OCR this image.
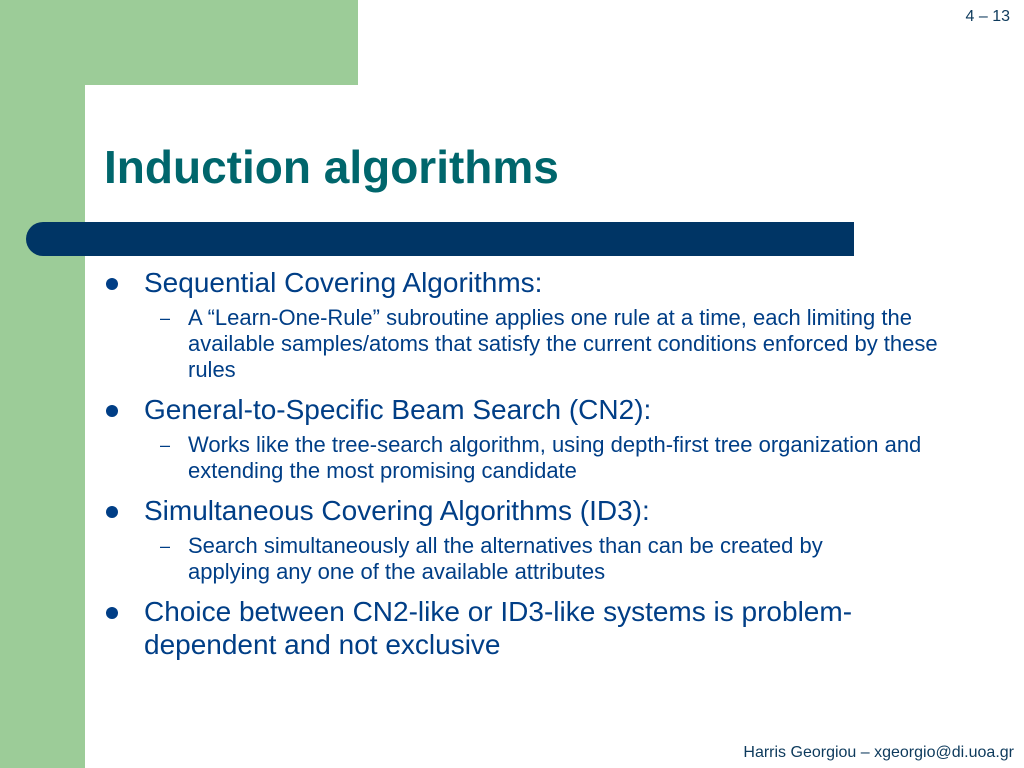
4 – 13
Induction algorithms
Sequential Covering Algorithms:
– A “Learn-One-Rule” subroutine applies one rule at a time, each limiting the available samples/atoms that satisfy the current conditions enforced by these rules
General-to-Specific Beam Search (CN2):
– Works like the tree-search algorithm, using depth-first tree organization and extending the most promising candidate
Simultaneous Covering Algorithms (ID3):
– Search simultaneously all the alternatives than can be created by applying any one of the available attributes
Choice between CN2-like or ID3-like systems is problem-dependent and not exclusive
Harris Georgiou – xgeorgio@di.uoa.gr
